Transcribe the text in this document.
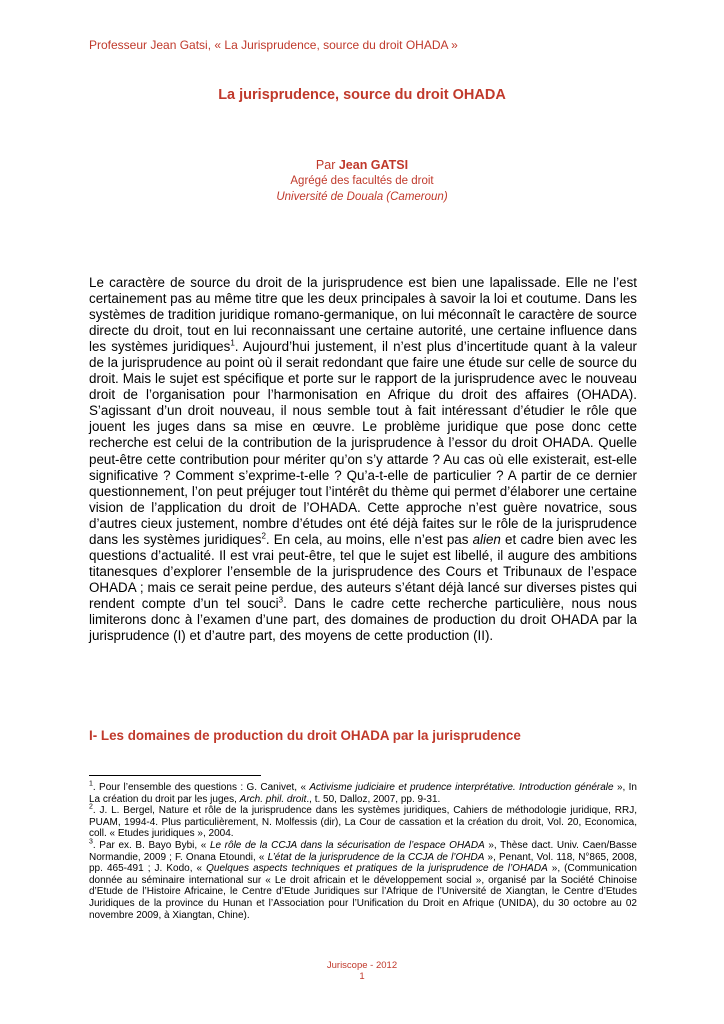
Professeur Jean Gatsi, « La Jurisprudence, source du droit OHADA »
La jurisprudence, source du droit OHADA
Par Jean GATSI
Agrégé des facultés de droit
Université de Douala (Cameroun)

Le caractère de source du droit de la jurisprudence est bien une lapalissade. Elle ne l’est certainement pas au même titre que les deux principales à savoir la loi et coutume. Dans les systèmes de tradition juridique romano-germanique, on lui méconnaît le caractère de source directe du droit, tout en lui reconnaissant une certaine autorité, une certaine influence dans les systèmes juridiques$^1$. Aujourd’hui justement, il n’est plus d’incertitude quant à la valeur de la jurisprudence au point où il serait redondant que faire une étude sur celle de source du droit. Mais le sujet est spécifique et porte sur le rapport de la jurisprudence avec le nouveau droit de l’organisation pour l’harmonisation en Afrique du droit des affaires (OHADA). S’agissant d’un droit nouveau, il nous semble tout à fait intéressant d’étudier le rôle que jouent les juges dans sa mise en œuvre. Le problème juridique que pose donc cette recherche est celui de la contribution de la jurisprudence à l’essor du droit OHADA. Quelle peut-être cette contribution pour mériter qu’on s’y attarde ? Au cas où elle existerait, est-elle significative ? Comment s’exprime-t-elle ? Qu’a-t-elle de particulier ? A partir de ce dernier questionnement, l’on peut préjuger tout l’intérêt du thème qui permet d’élaborer une certaine vision de l’application du droit de l’OHADA. Cette approche n’est guère novatrice, sous d’autres cieux justement, nombre d’études ont été déjà faites sur le rôle de la jurisprudence dans les systèmes juridiques$^2$. En cela, au moins, elle n’est pas alien et cadre bien avec les questions d’actualité. Il est vrai peut-être, tel que le sujet est libellé, il augure des ambitions titanesques d’explorer l’ensemble de la jurisprudence des Cours et Tribunaux de l’espace OHADA ; mais ce serait peine perdue, des auteurs s’étant déjà lancé sur diverses pistes qui rendent compte d’un tel souci$^3$. Dans le cadre cette recherche particulière, nous nous limiterons donc à l’examen d’une part, des domaines de production du droit OHADA par la jurisprudence (I) et d’autre part, des moyens de cette production (II).

I- Les domaines de production du droit OHADA par la jurisprudence

$^1$. Pour l’ensemble des questions : G. Canivet, « Activisme judiciaire et prudence interprétative. Introduction générale », In La création du droit par les juges, Arch. phil. droit., t. 50, Dalloz, 2007, pp. 9-31.

$^2$. J. L. Bergel, Nature et rôle de la jurisprudence dans les systèmes juridiques, Cahiers de méthodologie juridique, RRJ, PUAM, 1994-4. Plus particulièrement, N. Molfessis (dir), La Cour de cassation et la création du droit, Vol. 20, Economica, coll. « Etudes juridiques », 2004.

$^3$. Par ex. B. Bayo Bybi, « Le rôle de la CCJA dans la sécurisation de l’espace OHADA », Thèse dact. Univ. Caen/Basse Normandie, 2009 ; F. Onana Etoundi, « L’état de la jurisprudence de la CCJA de l’OHDA », Penant, Vol. 118, N°865, 2008, pp. 465-491 ; J. Kodo, « Quelques aspects techniques et pratiques de la jurisprudence de l’OHADA », (Communication donnée au séminaire international sur « Le droit africain et le développement social », organisé par la Société Chinoise d’Etude de l’Histoire Africaine, le Centre d’Etude Juridiques sur l’Afrique de l’Université de Xiangtan, le Centre d’Etudes Juridiques de la province du Hunan et l’Association pour l’Unification du Droit en Afrique (UNIDA), du 30 octobre au 02 novembre 2009, à Xiangtan, Chine).

Juriscope - 2012
1
